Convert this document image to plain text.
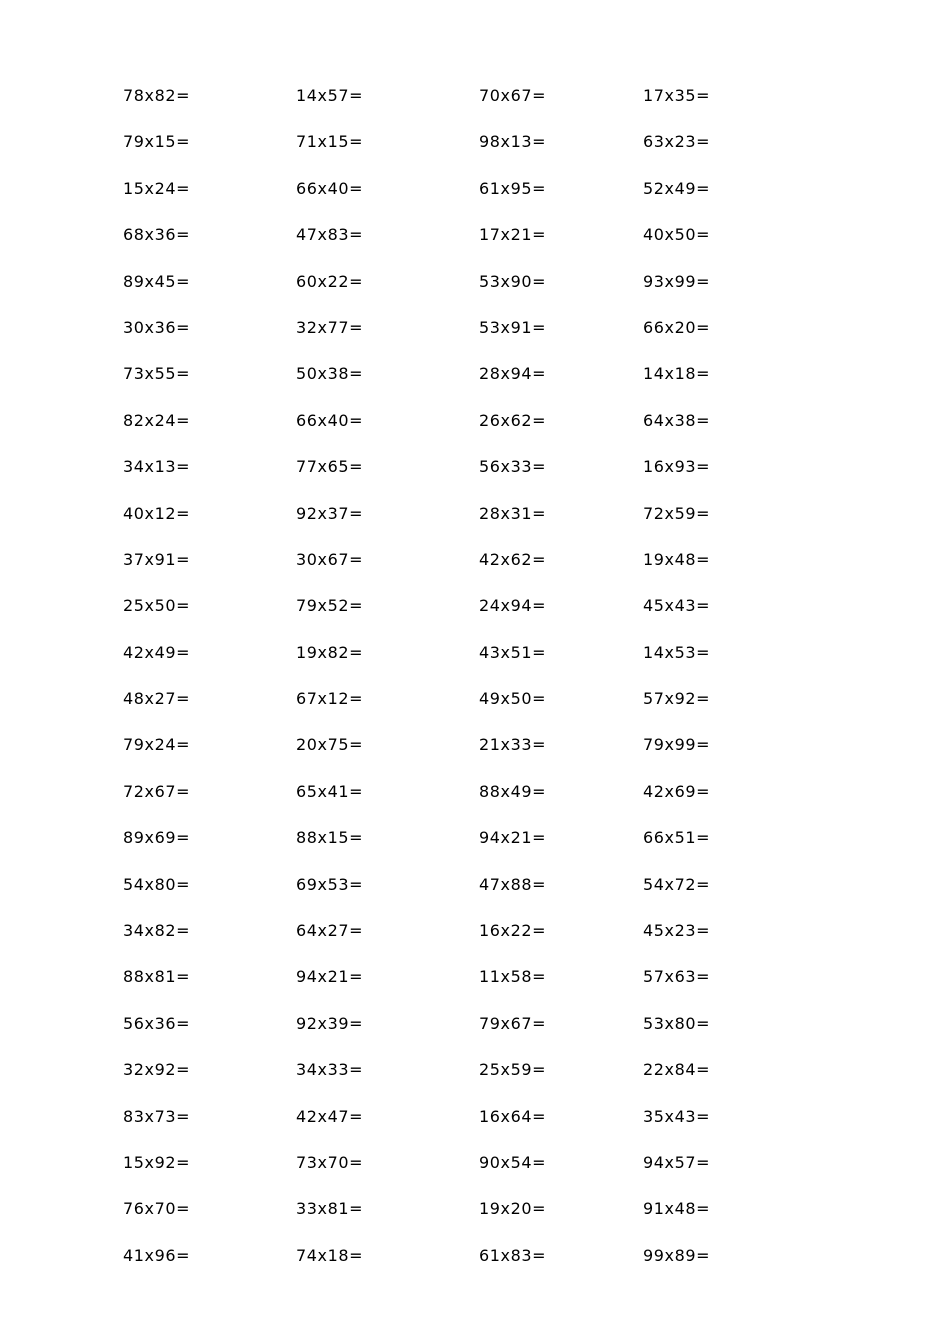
78x82=	14x57=	70x67=	17x35=
79x15=	71x15=	98x13=	63x23=
15x24=	66x40=	61x95=	52x49=
68x36=	47x83=	17x21=	40x50=
89x45=	60x22=	53x90=	93x99=
30x36=	32x77=	53x91=	66x20=
73x55=	50x38=	28x94=	14x18=
82x24=	66x40=	26x62=	64x38=
34x13=	77x65=	56x33=	16x93=
40x12=	92x37=	28x31=	72x59=
37x91=	30x67=	42x62=	19x48=
25x50=	79x52=	24x94=	45x43=
42x49=	19x82=	43x51=	14x53=
48x27=	67x12=	49x50=	57x92=
79x24=	20x75=	21x33=	79x99=
72x67=	65x41=	88x49=	42x69=
89x69=	88x15=	94x21=	66x51=
54x80=	69x53=	47x88=	54x72=
34x82=	64x27=	16x22=	45x23=
88x81=	94x21=	11x58=	57x63=
56x36=	92x39=	79x67=	53x80=
32x92=	34x33=	25x59=	22x84=
83x73=	42x47=	16x64=	35x43=
15x92=	73x70=	90x54=	94x57=
76x70=	33x81=	19x20=	91x48=
41x96=	74x18=	61x83=	99x89=
